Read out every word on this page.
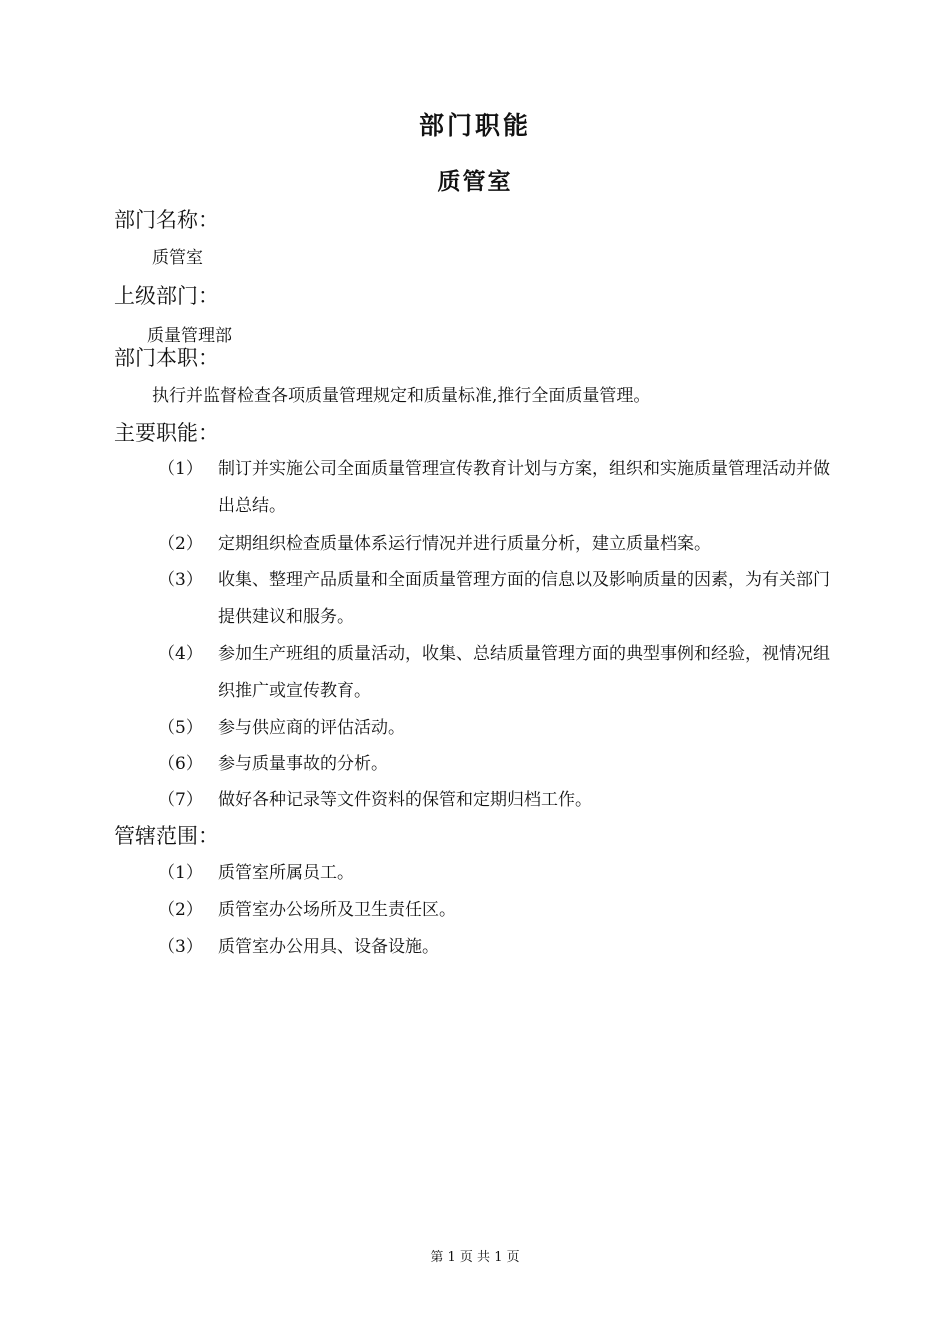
部门职能
质管室
部门名称：
质管室
上级部门：
质量管理部
部门本职：
执行并监督检查各项质量管理规定和质量标准,推行全面质量管理。
主要职能：
（1） 制订并实施公司全面质量管理宣传教育计划与方案，组织和实施质量管理活动并做出总结。
（2） 定期组织检查质量体系运行情况并进行质量分析，建立质量档案。
（3） 收集、整理产品质量和全面质量管理方面的信息以及影响质量的因素，为有关部门提供建议和服务。
（4） 参加生产班组的质量活动，收集、总结质量管理方面的典型事例和经验，视情况组织推广或宣传教育。
（5） 参与供应商的评估活动。
（6） 参与质量事故的分析。
（7） 做好各种记录等文件资料的保管和定期归档工作。
管辖范围：
（1） 质管室所属员工。
（2） 质管室办公场所及卫生责任区。
（3） 质管室办公用具、设备设施。
第 1 页 共 1 页
